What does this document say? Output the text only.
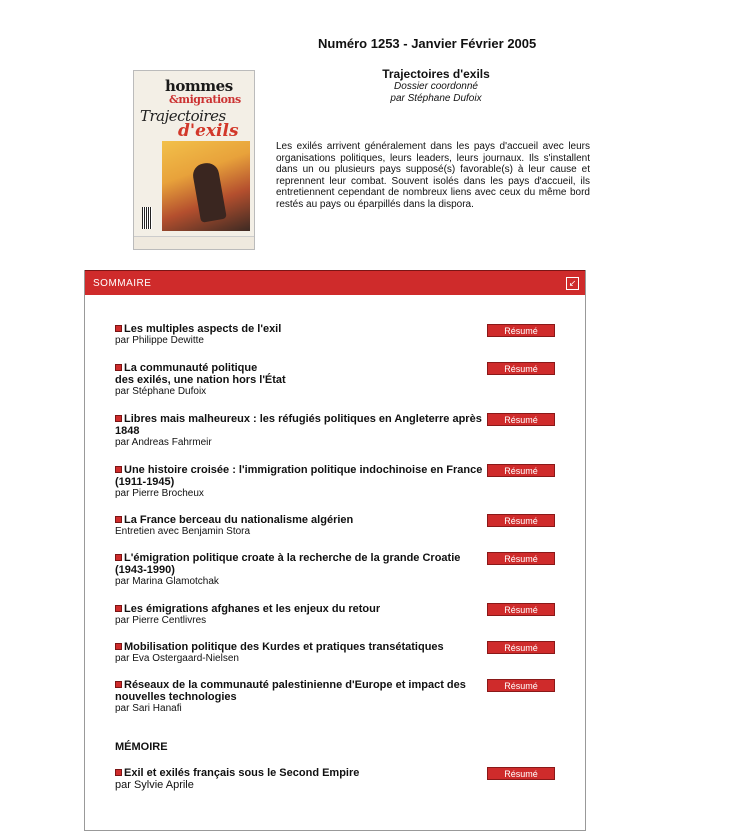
Numéro 1253 - Janvier Février 2005
hommes
&migrations
Trajectoires
d'exils
Trajectoires d'exils
Dossier coordonné
par Stéphane Dufoix
Les exilés arrivent généralement dans les pays d'accueil avec leurs organisations politiques, leurs leaders, leurs journaux. Ils s'installent dans un ou plusieurs pays supposé(s) favorable(s) à leur cause et reprennent leur combat. Souvent isolés dans les pays d'accueil, ils entretiennent cependant de nombreux liens avec ceux du même bord restés au pays ou éparpillés dans la dispora.
SOMMAIRE	↙
Les multiples aspects de l'exil
par Philippe Dewitte
Résumé
La communauté politique
des exilés, une nation hors l'État
par Stéphane Dufoix
Résumé
Libres mais malheureux : les réfugiés politiques en Angleterre après 1848
par Andreas Fahrmeir
Résumé
Une histoire croisée : l'immigration politique indochinoise en France (1911-1945)
par Pierre Brocheux
Résumé
La France berceau du nationalisme algérien
Entretien avec Benjamin Stora
Résumé
L'émigration politique croate à la recherche de la grande Croatie (1943-1990)
par Marina Glamotchak
Résumé
Les émigrations afghanes et les enjeux du retour
par Pierre Centlivres
Résumé
Mobilisation politique des Kurdes et pratiques transétatiques
par Eva Ostergaard-Nielsen
Résumé
Réseaux de la communauté palestinienne d'Europe et impact des nouvelles technologies
par Sari Hanafi
Résumé
MÉMOIRE
Exil et exilés français sous le Second Empire
par Sylvie Aprile
Résumé
